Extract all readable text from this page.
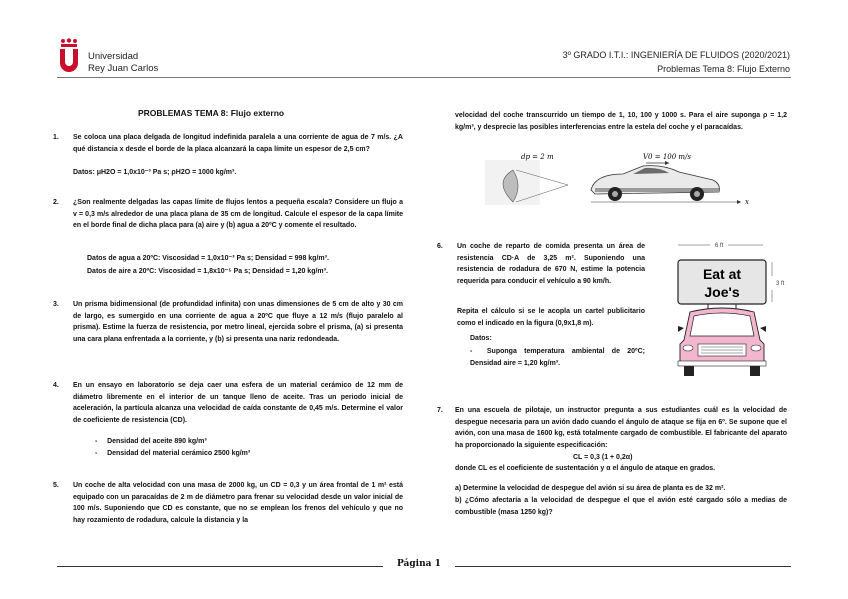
Universidad
Rey Juan Carlos
3º GRADO I.T.I.: INGENIERÍA DE FLUIDOS (2020/2021)
Problemas Tema 8: Flujo Externo
PROBLEMAS TEMA 8: Flujo externo
1. Se coloca una placa delgada de longitud indefinida paralela a una corriente de agua de 7 m/s. ¿A qué distancia x desde el borde de la placa alcanzará la capa límite un espesor de 2,5 cm?
Datos: μH2O = 1,0x10⁻³ Pa s; ρH2O = 1000 kg/m³.
2. ¿Son realmente delgadas las capas límite de flujos lentos a pequeña escala? Considere un flujo a v = 0,3 m/s alrededor de una placa plana de 35 cm de longitud. Calcule el espesor de la capa límite en el borde final de dicha placa para (a) aire y (b) agua a 20ºC y comente el resultado.
Datos de agua a 20ºC: Viscosidad = 1,0x10⁻³ Pa s; Densidad = 998 kg/m³.
Datos de aire a 20ºC: Viscosidad = 1,8x10⁻⁵ Pa s; Densidad = 1,20 kg/m³.
3. Un prisma bidimensional (de profundidad infinita) con unas dimensiones de 5 cm de alto y 30 cm de largo, es sumergido en una corriente de agua a 20ºC que fluye a 12 m/s (flujo paralelo al prisma). Estime la fuerza de resistencia, por metro lineal, ejercida sobre el prisma, (a) si presenta una cara plana enfrentada a la corriente, y (b) si presenta una nariz redondeada.
4. En un ensayo en laboratorio se deja caer una esfera de un material cerámico de 12 mm de diámetro libremente en el interior de un tanque lleno de aceite. Tras un periodo inicial de aceleración, la partícula alcanza una velocidad de caída constante de 0,45 m/s. Determine el valor de coeficiente de resistencia (CD).
-     Densidad del aceite 890 kg/m³
-     Densidad del material cerámico 2500 kg/m³
5. Un coche de alta velocidad con una masa de 2000 kg, un CD = 0,3 y un área frontal de 1 m² está equipado con un paracaídas de 2 m de diámetro para frenar su velocidad desde un valor inicial de 100 m/s. Suponiendo que CD es constante, que no se emplean los frenos del vehículo y que no hay rozamiento de rodadura, calcule la distancia y la
velocidad del coche transcurrido un tiempo de 1, 10, 100 y 1000 s. Para el aire suponga ρ = 1,2 kg/m³, y desprecie las posibles interferencias entre la estela del coche y el paracaídas.
dp = 2 m	V0 = 100 m/s
x
6. Un coche de reparto de comida presenta un área de resistencia CD·A de 3,25 m². Suponiendo una resistencia de rodadura de 670 N, estime la potencia requerida para conducir el vehículo a 90 km/h.
Repita el cálculo si se le acopla un cartel publicitario como el indicado en la figura (0,9x1,8 m).
Datos:
-  Suponga temperatura ambiental de 20ºC; Densidad aire = 1,20 kg/m³.
6 ft
3 ft
Eat at
Joe's
7. En una escuela de pilotaje, un instructor pregunta a sus estudiantes cuál es la velocidad de despegue necesaria para un avión dado cuando el ángulo de ataque se fija en 6º. Se supone que el avión, con una masa de 1600 kg, está totalmente cargado de combustible. El fabricante del aparato ha proporcionado la siguiente especificación:
CL = 0,3 (1 + 0,2α)
donde CL es el coeficiente de sustentación y α el ángulo de ataque en grados.
a) Determine la velocidad de despegue del avión si su área de planta es de 32 m².
b) ¿Cómo afectaría a la velocidad de despegue el que el avión esté cargado sólo a medias de combustible (masa 1250 kg)?
Página 1
